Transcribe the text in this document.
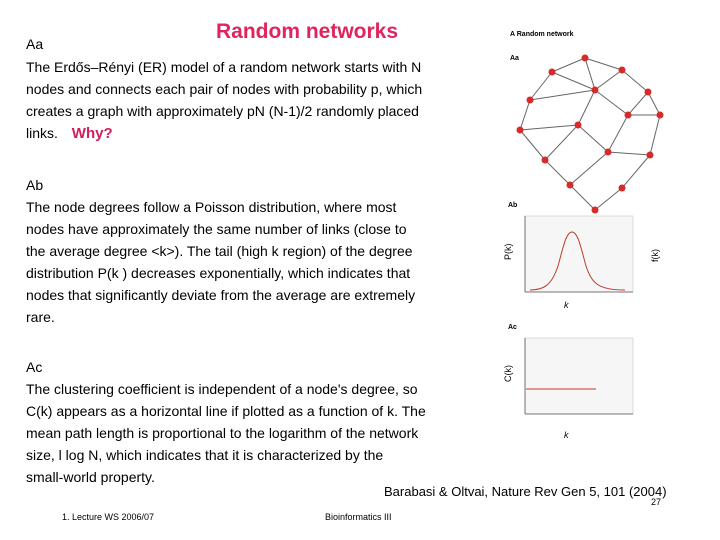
Random networks
Aa
The Erdős–Rényi (ER) model of a random network starts with N
nodes and connects each pair of nodes with probability p, which
creates a graph with approximately pN (N-1)/2 randomly placed
links. Why?
Ab
The node degrees follow a Poisson distribution, where most
nodes have approximately the same number of links (close to
the average degree <k>). The tail (high k region) of the degree
distribution P(k ) decreases exponentially, which indicates that
nodes that significantly deviate from the average are extremely
rare.
Ac
The clustering coefficient is independent of a node's degree, so
C(k) appears as a horizontal line if plotted as a function of k. The
mean path length is proportional to the logarithm of the network
size, l log N, which indicates that it is characterized by the
small-world property.
A Random network
Aa
Ab
P(k)
k
f(k)
Ac
C(k)
k
Barabasi & Oltvai, Nature Rev Gen 5, 101 (2004)
27
1. Lecture WS 2006/07	Bioinformatics III
